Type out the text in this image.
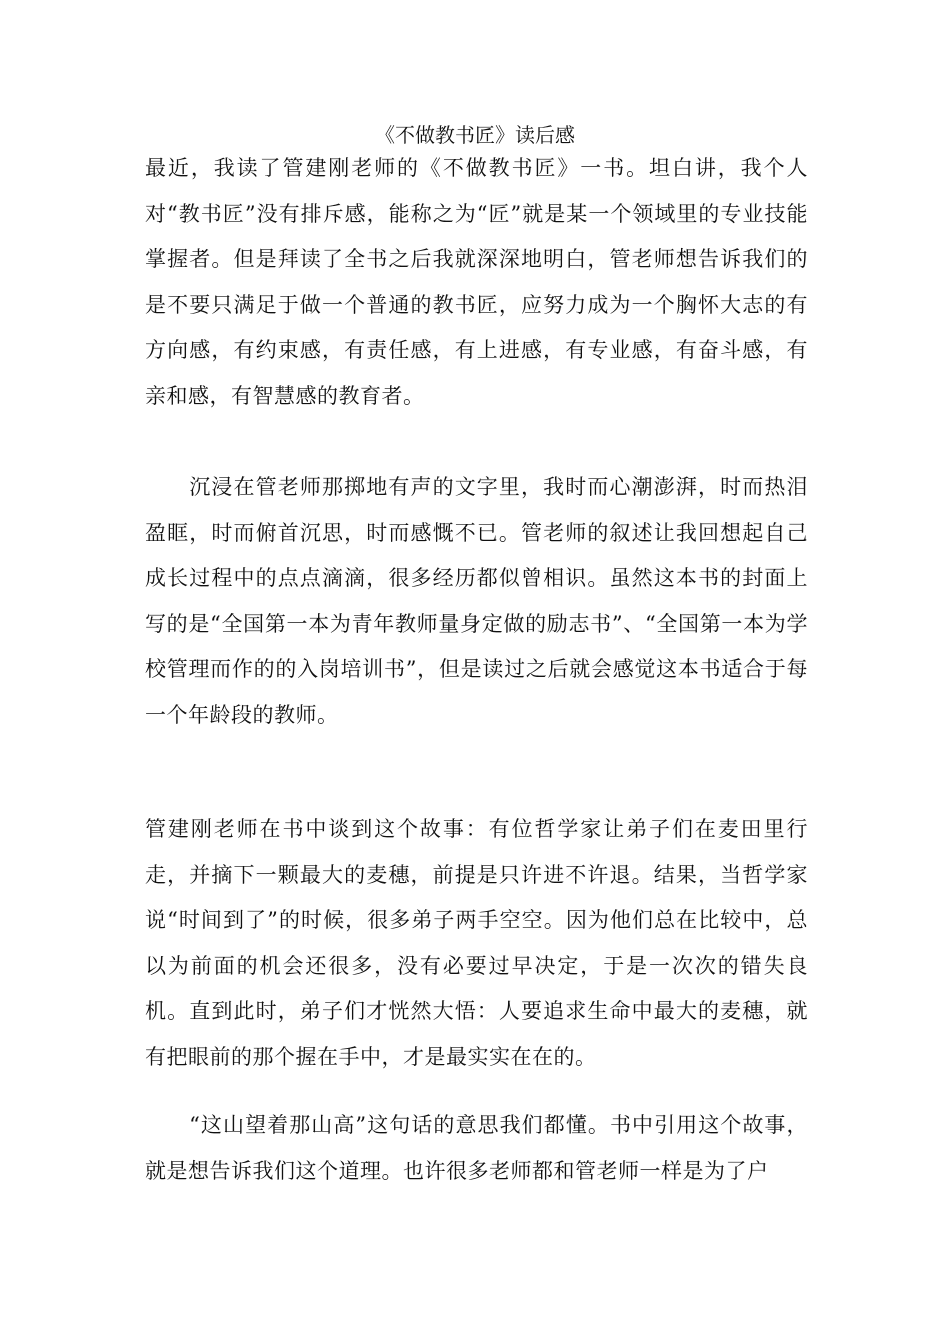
《不做教书匠》读后感

最近，我读了管建刚老师的《不做教书匠》一书。坦白讲，我个人对“教书匠”没有排斥感，能称之为“匠”就是某一个领域里的专业技能掌握者。但是拜读了全书之后我就深深地明白，管老师想告诉我们的是不要只满足于做一个普通的教书匠，应努力成为一个胸怀大志的有方向感，有约束感，有责任感，有上进感，有专业感，有奋斗感，有亲和感，有智慧感的教育者。

　　沉浸在管老师那掷地有声的文字里，我时而心潮澎湃，时而热泪盈眶，时而俯首沉思，时而感慨不已。管老师的叙述让我回想起自己成长过程中的点点滴滴，很多经历都似曾相识。虽然这本书的封面上写的是“全国第一本为青年教师量身定做的励志书”、“全国第一本为学校管理而作的的入岗培训书”，但是读过之后就会感觉这本书适合于每一个年龄段的教师。

管建刚老师在书中谈到这个故事：有位哲学家让弟子们在麦田里行走，并摘下一颗最大的麦穗，前提是只许进不许退。结果，当哲学家说“时间到了”的时候，很多弟子两手空空。因为他们总在比较中，总以为前面的机会还很多，没有必要过早决定，于是一次次的错失良机。直到此时，弟子们才恍然大悟：人要追求生命中最大的麦穗，就有把眼前的那个握在手中，才是最实实在在的。

　　“这山望着那山高”这句话的意思我们都懂。书中引用这个故事，就是想告诉我们这个道理。也许很多老师都和管老师一样是为了户
